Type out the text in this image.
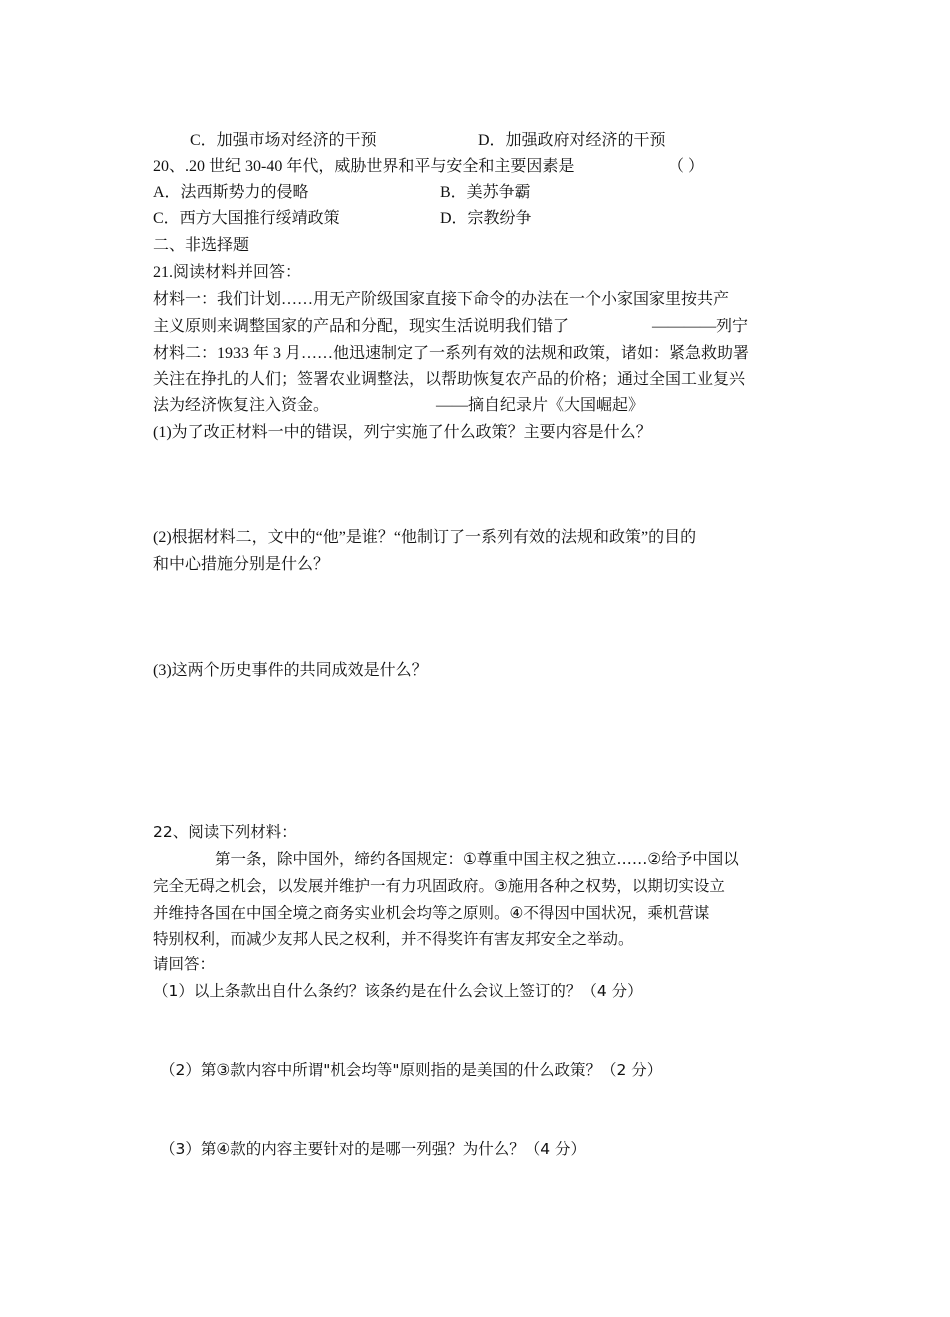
C．加强市场对经济的干预	D．加强政府对经济的干预
20、.20 世纪 30-40 年代，威胁世界和平与安全和主要因素是	（ ）
A．法西斯势力的侵略	B．美苏争霸
C．西方大国推行绥靖政策	D．宗教纷争
二、非选择题
21.阅读材料并回答：
材料一：我们计划……用无产阶级国家直接下命令的办法在一个小家国家里按共产
主义原则来调整国家的产品和分配，现实生活说明我们错了	————列宁
材料二：1933 年 3 月……他迅速制定了一系列有效的法规和政策，诸如：紧急救助署
关注在挣扎的人们；签署农业调整法，以帮助恢复农产品的价格；通过全国工业复兴
法为经济恢复注入资金。	——摘自纪录片《大国崛起》
(1)为了改正材料一中的错误，列宁实施了什么政策？主要内容是什么？
(2)根据材料二，文中的“他”是谁？“他制订了一系列有效的法规和政策”的目的
和中心措施分别是什么？
(3)这两个历史事件的共同成效是什么？
22、阅读下列材料：
第一条，除中国外，缔约各国规定：①尊重中国主权之独立……②给予中国以
完全无碍之机会，以发展并维护一有力巩固政府。③施用各种之权势，以期切实设立
并维持各国在中国全境之商务实业机会均等之原则。④不得因中国状况，乘机营谋
特别权利，而减少友邦人民之权利，并不得奖许有害友邦安全之举动。
请回答：
（1）以上条款出自什么条约？该条约是在什么会议上签订的？（4 分）
（2）第③款内容中所谓"机会均等"原则指的是美国的什么政策？（2 分）
（3）第④款的内容主要针对的是哪一列强？为什么？（4 分）
